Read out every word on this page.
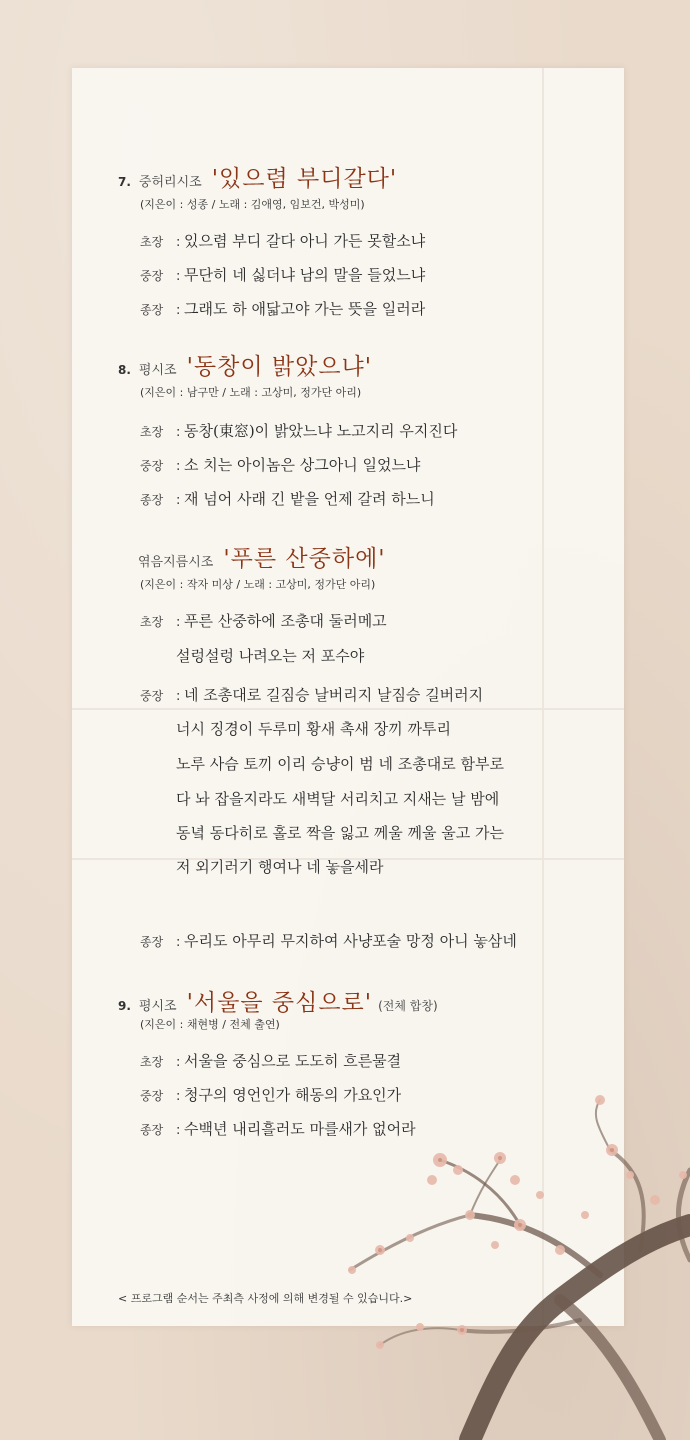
7. 중허리시조 '있으렴 부디갈다'
(지은이 : 성종 / 노래 : 김애영, 임보건, 박성미)
초장 : 있으렴 부디 갈다 아니 가든 못할소냐
중장 : 무단히 네 싫더냐 남의 말을 들었느냐
종장 : 그래도 하 애닯고야 가는 뜻을 일러라
8. 평시조 '동창이 밝았으냐'
(지은이 : 남구만 / 노래 : 고상미, 정가단 아리)
초장 : 동창(東窓)이 밝았느냐 노고지리 우지진다
중장 : 소 치는 아이놈은 상그아니 일었느냐
종장 : 재 넘어 사래 긴 밭을 언제 갈려 하느니
엮음지름시조 '푸른 산중하에'
(지은이 : 작자 미상 / 노래 : 고상미, 정가단 아리)
초장 : 푸른 산중하에 조총대 둘러메고
설렁설렁 나려오는 저 포수야
중장 : 네 조총대로 길짐승 날버리지 날짐승 길버러지
너시 징경이 두루미 황새 촉새 장끼 까투리
노루 사슴 토끼 이리 승냥이 범 네 조총대로 함부로
다 놔 잡을지라도 새벽달 서리치고 지새는 날 밤에
동녘 동다히로 홀로 짝을 잃고 께울 께울 울고 가는
저 외기러기 행여나 네 놓을세라
종장 : 우리도 아무리 무지하여 사냥포술 망정 아니 놓삼네
9. 평시조 '서울을 중심으로' (전체 합창)
(지은이 : 채현병 / 전체 출연)
초장 : 서울을 중심으로 도도히 흐른물결
중장 : 청구의 영언인가 해동의 가요인가
종장 : 수백년 내리흘러도 마를새가 없어라
< 프로그램 순서는 주최측 사정에 의해 변경될 수 있습니다.>
